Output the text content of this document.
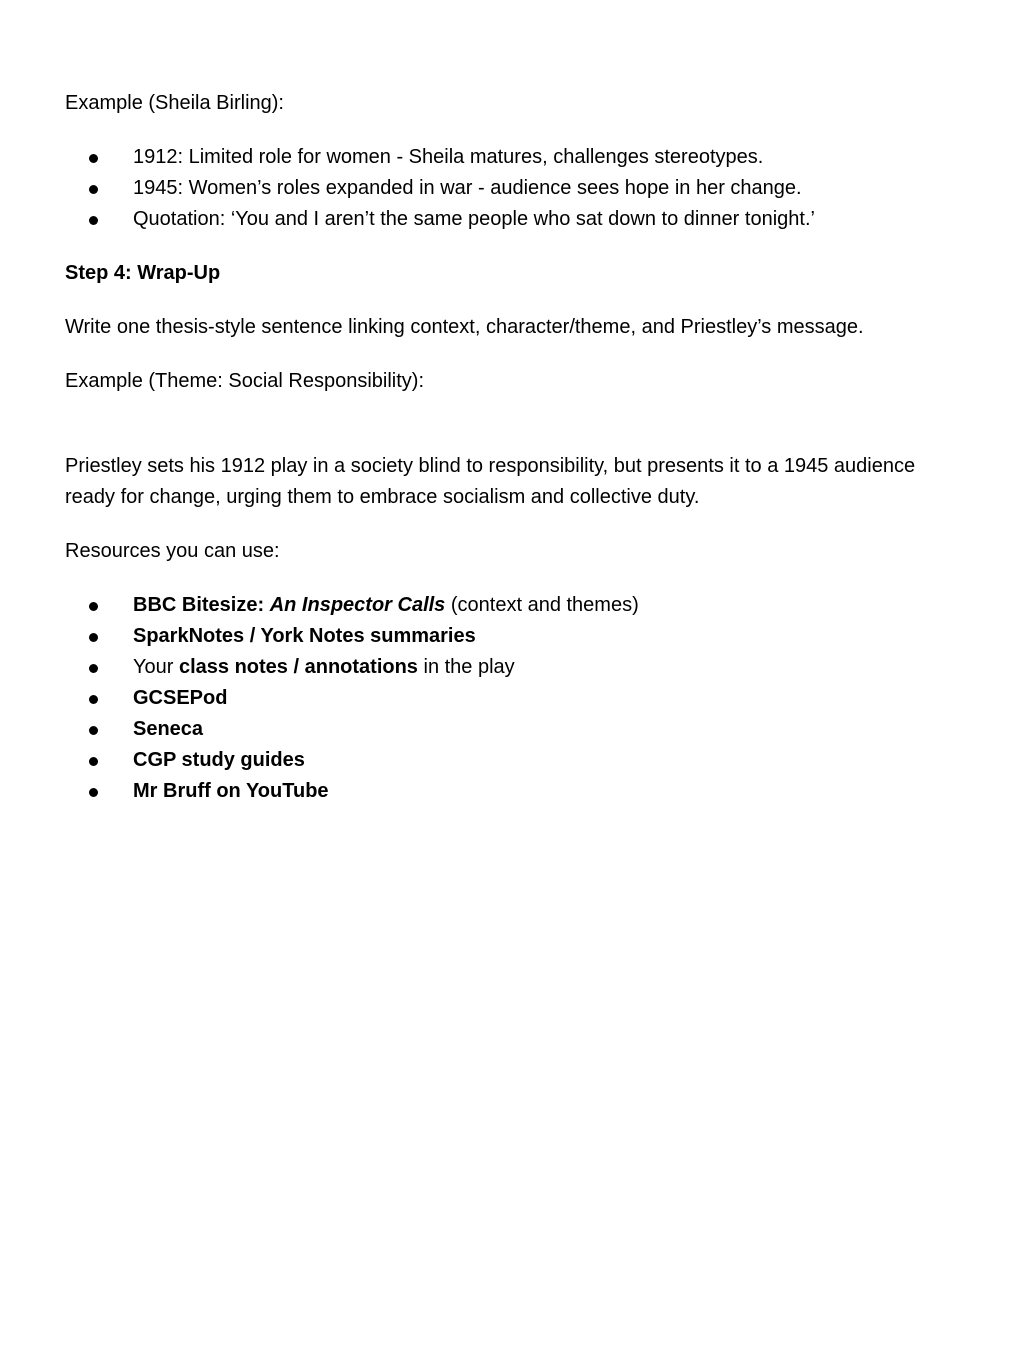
Example (Sheila Birling):

1912: Limited role for women - Sheila matures, challenges stereotypes.
1945: Women’s roles expanded in war - audience sees hope in her change.
Quotation: ‘You and I aren’t the same people who sat down to dinner tonight.’

Step 4: Wrap-Up

Write one thesis-style sentence linking context, character/theme, and Priestley’s message.

Example (Theme: Social Responsibility):

Priestley sets his 1912 play in a society blind to responsibility, but presents it to a 1945 audience ready for change, urging them to embrace socialism and collective duty.

Resources you can use:

BBC Bitesize: An Inspector Calls (context and themes)
SparkNotes / York Notes summaries
Your class notes / annotations in the play
GCSEPod
Seneca
CGP study guides
Mr Bruff on YouTube
